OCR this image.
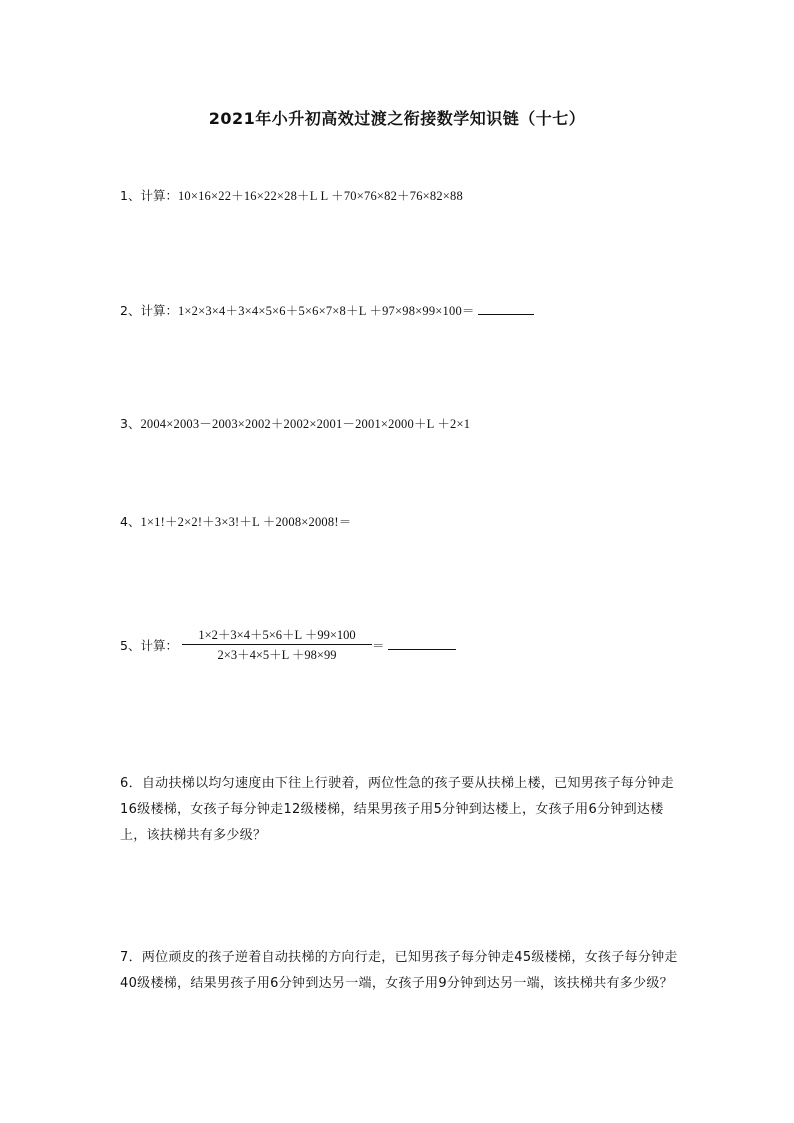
2021年小升初高效过渡之衔接数学知识链（十七）
1、计算：10×16×22＋16×22×28＋L L ＋70×76×82＋76×82×88
2、计算：1×2×3×4＋3×4×5×6＋5×6×7×8＋L ＋97×98×99×100＝
3、2004×2003－2003×2002＋2002×2001－2001×2000＋L ＋2×1
4、1×1!＋2×2!＋3×3!＋L ＋2008×2008!＝
5、计算： $\frac{1\times 2+3\times 4+5\times 6+L +99\times 100}{2\times 3+4\times 5+L +98\times 99}$ ＝
6．自动扶梯以均匀速度由下往上行驶着，两位性急的孩子要从扶梯上楼，已知男孩子每分钟走16级楼梯，女孩子每分钟走12级楼梯，结果男孩子用5分钟到达楼上，女孩子用6分钟到达楼上，该扶梯共有多少级？
7．两位顽皮的孩子逆着自动扶梯的方向行走，已知男孩子每分钟走45级楼梯，女孩子每分钟走40级楼梯，结果男孩子用6分钟到达另一端，女孩子用9分钟到达另一端，该扶梯共有多少级？
